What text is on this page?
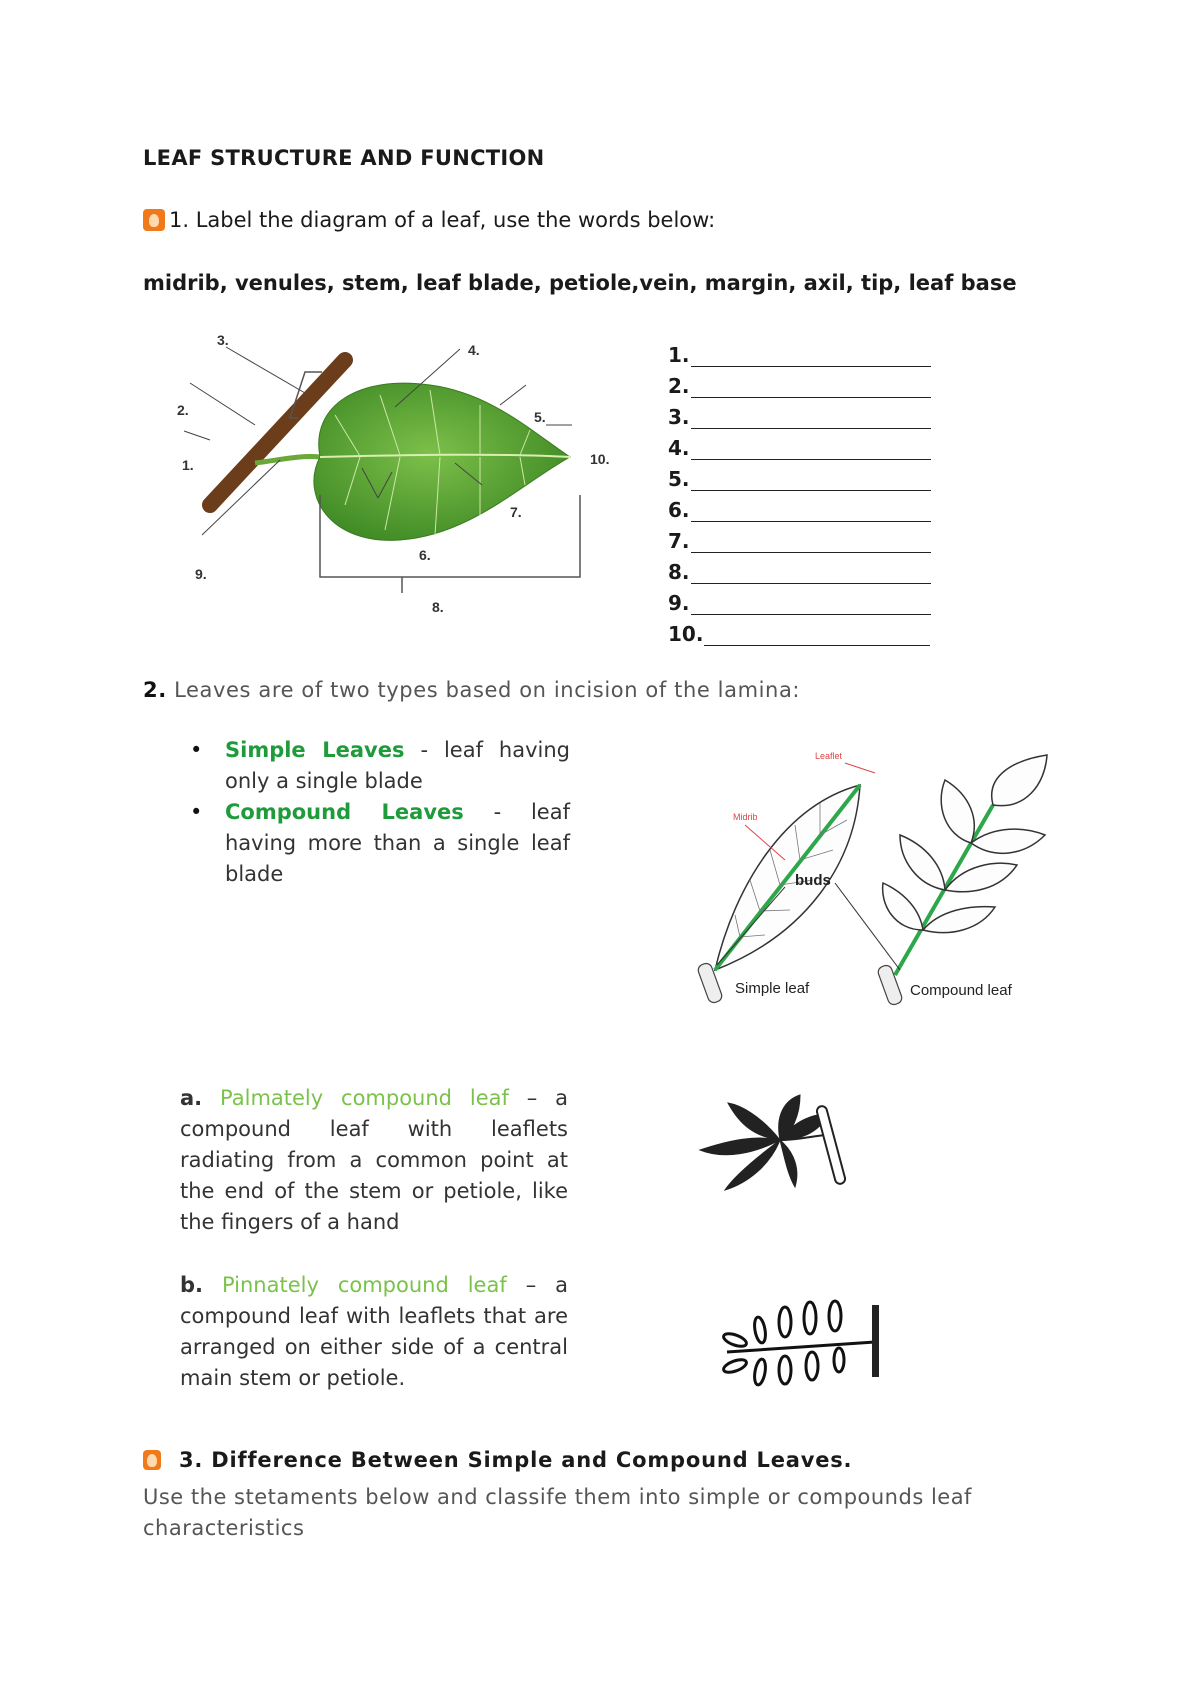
LEAF STRUCTURE AND FUNCTION
1. Label the diagram of a leaf, use the words below:
midrib, venules, stem, leaf blade, petiole,vein, margin, axil, tip, leaf base
3.
2.
1.
4.
5.
10.
7.
6.
9.
8.
1.
2.
3.
4.
5.
6.
7.
8.
9.
10.
2. Leaves are of two types based on incision of the lamina:
• Simple Leaves - leaf having only a single blade
• Compound Leaves - leaf having more than a single leaf blade
Midrib
Leaflet
buds
Simple leaf	Compound leaf
a. Palmately compound leaf – a compound leaf with leaflets radiating from a common point at the end of the stem or petiole, like the fingers of a hand
b. Pinnately compound leaf – a compound leaf with leaflets that are arranged on either side of a central main stem or petiole.
3. Difference Between Simple and Compound Leaves.
Use the stetaments below and classife them into simple or compounds leaf characteristics
